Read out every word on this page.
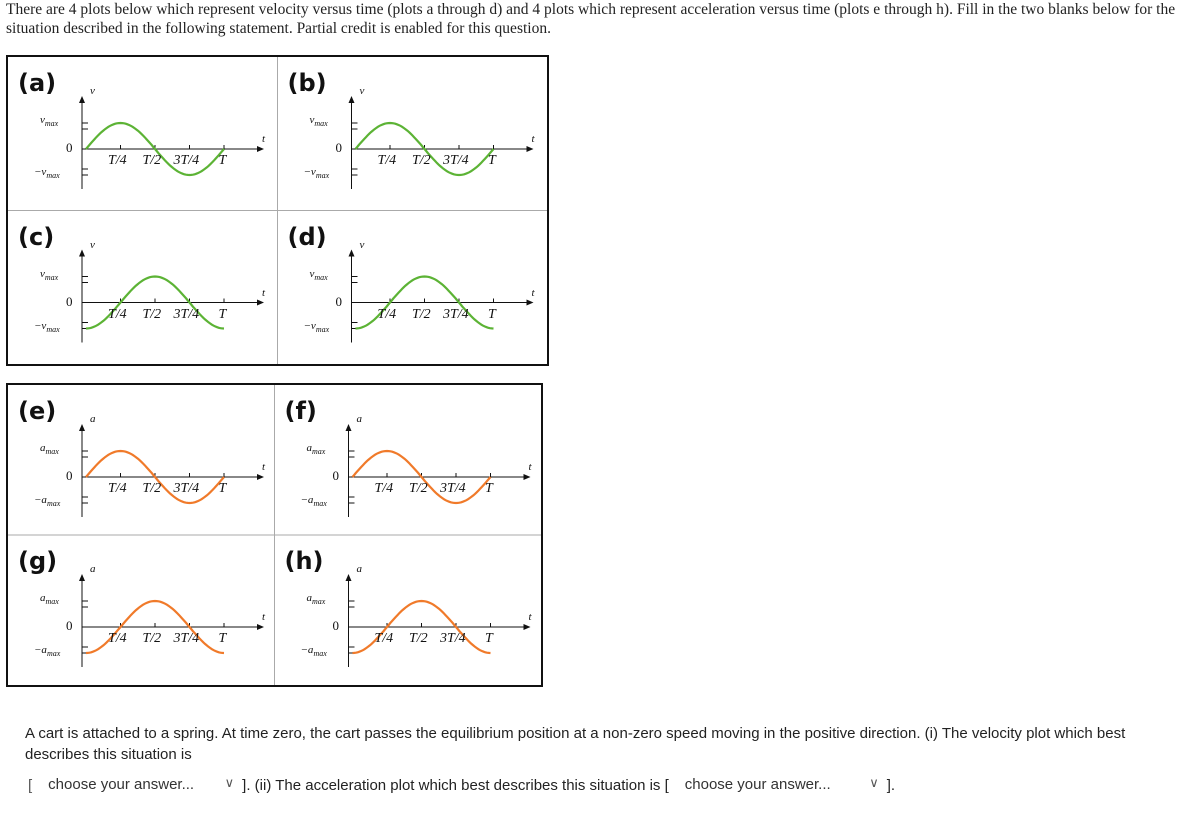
There are 4 plots below which represent velocity versus time (plots a through d) and 4 plots which represent acceleration versus time (plots e through h). Fill in the two blanks below for the situation described in the following statement. Partial credit is enabled for this question.
(a)	v
$v_{max}$
$-v_{max}$
0
t
T/4 T/2 3T/4 T
(b)	v
$v_{max}$
$-v_{max}$
0
t
T/4 T/2 3T/4 T
(c)	v
$v_{max}$
$-v_{max}$
0
t
T/4 T/2 3T/4 T
(d)	v
$v_{max}$
$-v_{max}$
0
t
T/4 T/2 3T/4 T
(e)	a
$a_{max}$
$-a_{max}$
0
t
T/4 T/2 3T/4 T
(f)	a
$a_{max}$
$-a_{max}$
0
t
T/4 T/2 3T/4 T
(g)	a
$a_{max}$
$-a_{max}$
0
t
T/4 T/2 3T/4 T
(h)	a
$a_{max}$
$-a_{max}$
0
t
T/4 T/2 3T/4 T
A cart is attached to a spring. At time zero, the cart passes the equilibrium position at a non-zero speed moving in the positive direction. (i) The velocity plot which best describes this situation is
[ choose your answer... ∨ ]. (ii) The acceleration plot which best describes this situation is [ choose your answer...	∨ ].
